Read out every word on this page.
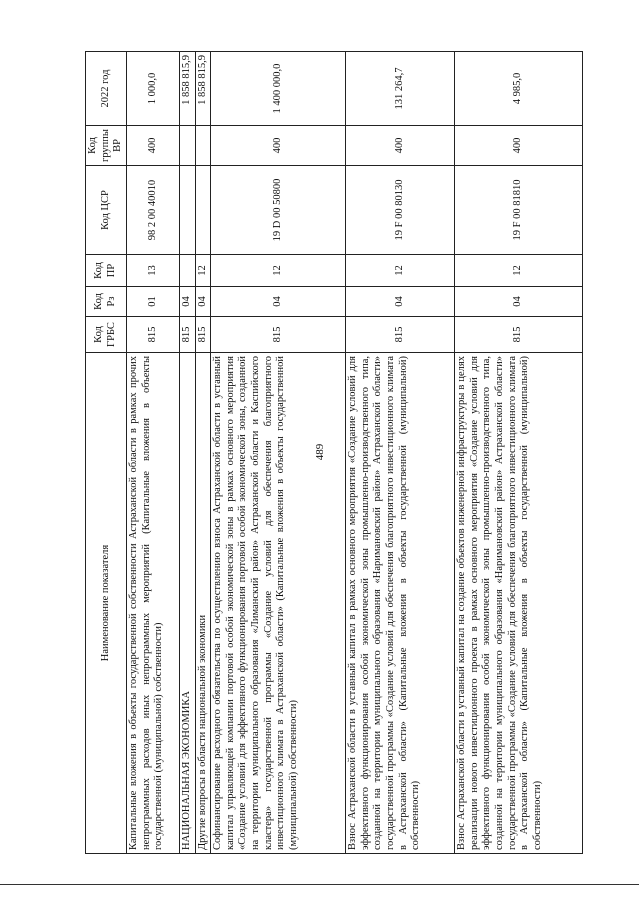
489
Наименование показателя	Код ГРБС	Код Рз	Код ПР	Код ЦСР	Код группы ВР	2022 год
Капитальные вложения в объекты государственной собственности Астраханской области в рамках прочих непрограммных расходов иных непрограммных мероприятий (Капитальные вложения в объекты государственной (муниципальной) собственности)	815	01	13	98 2 00 40010	400	1 000,0
НАЦИОНАЛЬНАЯ ЭКОНОМИКА	815	04				1 858 815,9
Другие вопросы в области национальной экономики	815	04	12			1 858 815,9
Софинансирование расходного обязательства по осуществлению взноса Астраханской области в уставный капитал управляющей компании портовой особой экономической зоны в рамках основного мероприятия «Создание условий для эффективного функционирования портовой особой экономической зоны, созданной на территории муниципального образования «Лиманский район» Астраханской области и Каспийского кластера» государственной программы «Создание условий для обеспечения благоприятного инвестиционного климата в Астраханской области» (Капитальные вложения в объекты государственной (муниципальной) собственности)	815	04	12	19 D 00 50800	400	1 400 000,0
Взнос Астраханской области в уставный капитал в рамках основного мероприятия «Создание условий для эффективного функционирования особой экономической зоны промышленно-производственного типа, созданной на территории муниципального образования «Наримановский район» Астраханской области» государственной программы «Создание условий для обеспечения благоприятного инвестиционного климата в Астраханской области» (Капитальные вложения в объекты государственной (муниципальной) собственности)	815	04	12	19 F 00 80130	400	131 264,7
Взнос Астраханской области в уставный капитал на создание объектов инженерной инфраструктуры в целях реализации нового инвестиционного проекта в рамках основного мероприятия «Создание условий для эффективного функционирования особой экономической зоны промышленно-производственного типа, созданной на территории муниципального образования «Наримановский район» Астраханской области» государственной программы «Создание условий для обеспечения благоприятного инвестиционного климата в Астраханской области» (Капитальные вложения в объекты государственной (муниципальной) собственности)	815	04	12	19 F 00 81810	400	4 985,0
